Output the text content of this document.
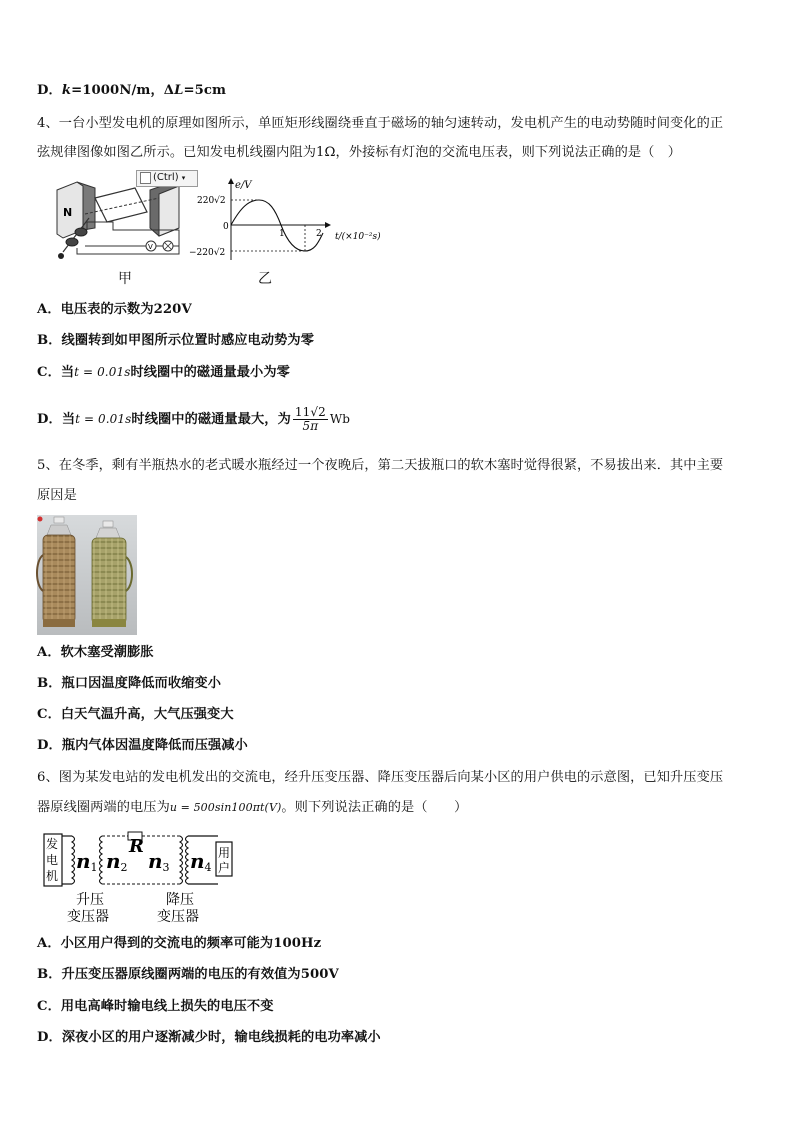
D．k=1000N/m，ΔL=5cm
4、一台小型发电机的原理如图所示，单匝矩形线圈绕垂直于磁场的轴匀速转动，发电机产生的电动势随时间变化的正
弦规律图像如图乙所示。已知发电机线圈内阻为1Ω，外接标有灯泡的交流电压表，则下列说法正确的是（　）
N
V
(Ctrl) ▾
甲
e/V
220√2
0
−220√2
1	2 t/(×10⁻²s)
乙
A．电压表的示数为220V
B．线圈转到如甲图所示位置时感应电动势为零
C．当t = 0.01s时线圈中的磁通量最小为零
D．当t = 0.01s时线圈中的磁通量最大，为 $\frac{11√2}{5\pi}$ Wb
5、在冬季，剩有半瓶热水的老式暖水瓶经过一个夜晚后，第二天拔瓶口的软木塞时觉得很紧，不易拔出来．其中主要
原因是
A．软木塞受潮膨胀
B．瓶口因温度降低而收缩变小
C．白天气温升高，大气压强变大
D．瓶内气体因温度降低而压强减小
6、图为某发电站的发电机发出的交流电，经升压变压器、降压变压器后向某小区的用户供电的示意图，已知升压变压
器原线圈两端的电压为u = 500sin100πt(V)。则下列说法正确的是（　　）
发 电 机
n1 n2
R
n3 n4
用 户
升压
变压器
降压
变压器
A．小区用户得到的交流电的频率可能为100Hz
B．升压变压器原线圈两端的电压的有效值为500V
C．用电高峰时输电线上损失的电压不变
D．深夜小区的用户逐渐减少时，输电线损耗的电功率减小
